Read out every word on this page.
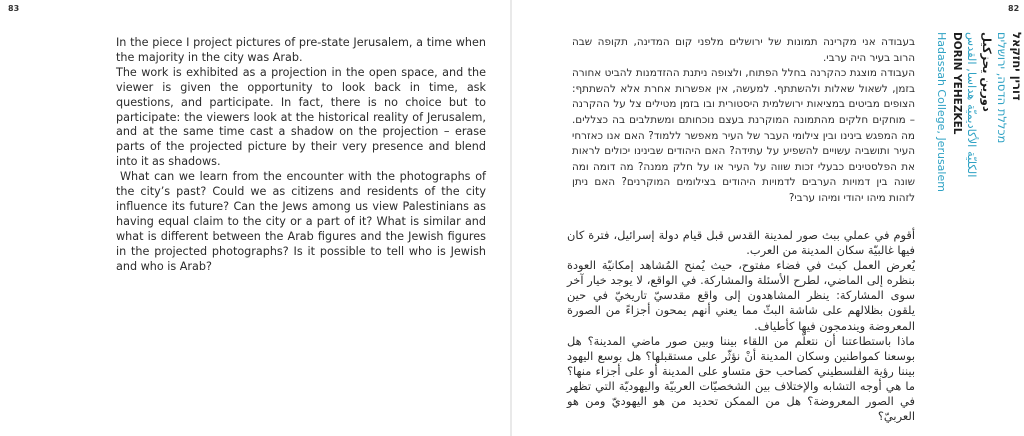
83	82

In the piece I project pictures of pre-state Jerusalem, a time when the majority in the city was Arab.

The work is exhibited as a projection in the open space, and the viewer is given the opportunity to look back in time, ask questions, and participate. In fact, there is no choice but to participate: the viewers look at the historical reality of Jerusalem, and at the same time cast a shadow on the projection – erase parts of the projected picture by their very presence and blend into it as shadows.

What can we learn from the encounter with the photographs of the city’s past? Could we as citizens and residents of the city influence its future? Can the Jews among us view Palestinians as having equal claim to the city or a part of it? What is similar and what is different between the Arab figures and the Jewish figures in the projected photographs? Is it possible to tell who is Jewish and who is Arab?

בעבודה אני מקרינה תמונות של ירושלים מלפני קום המדינה, תקופה שבה הרוב בעיר היה ערבי.

העבודה מוצגת כהקרנה בחלל הפתוח, ולצופה ניתנת ההזדמנות להביט אחורה בזמן, לשאול שאלות ולהשתתף. למעשה, אין אפשרות אחרת אלא להשתתף: הצופים מביטים במציאות ירושלמית היסטורית ובו בזמן מטילים צל על ההקרנה – מוחקים חלקים מהתמונה המוקרנת בעצם נוכחותם ומשתלבים בה כצללים. מה המפגש בינינו ובין צילומי העבר של העיר מאפשר ללמוד? האם אנו כאזרחי העיר ותושביה עשויים להשפיע על עתידה? האם היהודים שבינינו יכולים לראות את הפלסטינים כבעלי זכות שווה על העיר או על חלק ממנה? מה דומה ומה שונה בין דמויות הערבים לדמויות היהודים בצילומים המוקרנים? האם ניתן לזהות מיהו יהודי ומיהו ערבי?

أقوم في عملي ببث صور لمدينة القدس قبل قيام دولة إسرائيل، فترة كان فيها غالبيّة سكان المدينة من العرب.

يُعرض العمل كبث في فضاء مفتوح، حيث يُمنح المُشاهد إمكانيّة العودة بنظره إلى الماضي، لطرح الأسئلة والمشاركة. في الواقع، لا يوجد خيار آخر سوى المشاركة: ينظر المشاهدون إلى واقع مقدسيّ تاريخيّ في حين يلقون بظلالهم على شاشة البثّ مما يعني أنهم يمحون أجزاءً من الصورة المعروضة ويندمجون فيها كأطياف.

ماذا باستطاعتنا أن نتعلّم من اللقاء بيننا وبين صور ماضي المدينة؟ هل بوسعنا كمواطنين وسكان المدينة أنْ نؤثّر على مستقبلها؟ هل بوسع اليهود بيننا رؤية الفلسطيني كصاحب حق متساو على المدينة أو على أجزاء منها؟ ما هي أوجه التشابه والإختلاف بين الشخصيّات العربيّة واليهوديّة التي تظهر في الصور المعروضة؟ هل من الممكن تحديد من هو اليهوديّ ومن هو العربيّ؟

דורין יחזקאל
מכללת הדסה, ירושלים
دورين يحزكيل
الكليّة الأكاديميّة هداسا, القدس
DORIN YEHEZKEL
Hadassah College, Jerusalem
